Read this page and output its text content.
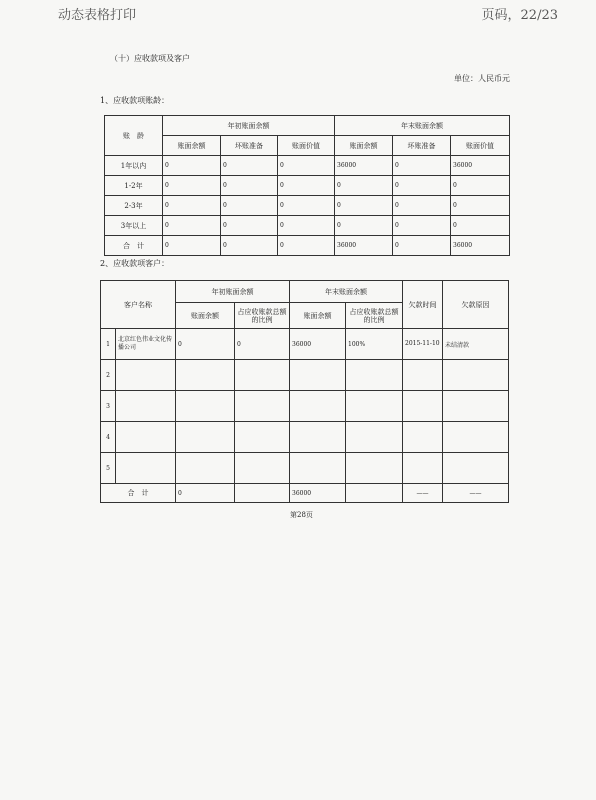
动态表格打印	页码，22/23
（十）应收款项及客户
单位：人民币元
1、应收款项账龄：
账　龄	年初账面余额			年末账面余额		
	账面余额	坏账准备	账面价值	账面余额	坏账准备	账面价值
1年以内	0	0	0	36000	0	36000
1-2年	0	0	0	0	0	0
2-3年	0	0	0	0	0	0
3年以上	0	0	0	0	0	0
合　计	0	0	0	36000	0	36000
2、应收款项客户：
客户名称		年初账面余额		年末账面余额		欠款时间	欠款原因
		账面余额	占应收账款总额的比例	账面余额	占应收账款总额的比例		
1	北京红色伟业文化传播公司	0	0	36000	100%	2015-11-10	未结清款
2							
3							
4							
5							
合　计		0		36000		——	——
第28页
